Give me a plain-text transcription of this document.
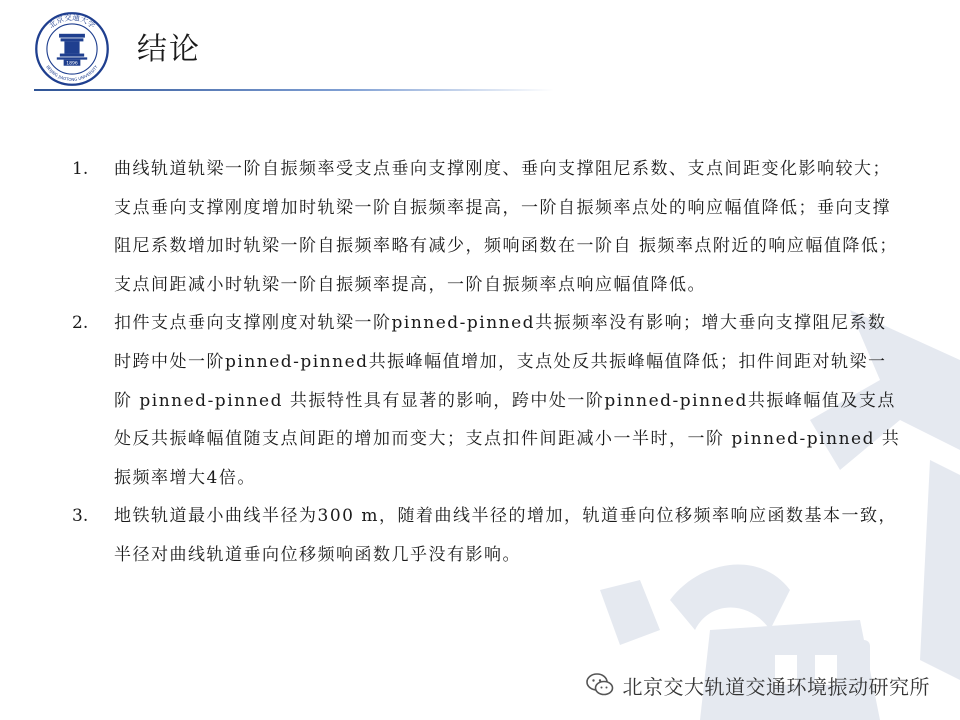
北京交通大学
BEIJING JIAOTONG UNIVERSITY
1896 结论
1.	曲线轨道轨梁一阶自振频率受支点垂向支撑刚度、垂向支撑阻尼系数、支点间距变化影响较大；支点垂向支撑刚度增加时轨梁一阶自振频率提高，一阶自振频率点处的响应幅值降低；垂向支撑阻尼系数增加时轨梁一阶自振频率略有减少，频响函数在一阶自 振频率点附近的响应幅值降低；支点间距减小时轨梁一阶自振频率提高，一阶自振频率点响应幅值降低。

2.	扣件支点垂向支撑刚度对轨梁一阶pinned-pinned共振频率没有影响；增大垂向支撑阻尼系数时跨中处一阶pinned-pinned共振峰幅值增加，支点处反共振峰幅值降低；扣件间距对轨梁一阶 pinned-pinned 共振特性具有显著的影响，跨中处一阶pinned-pinned共振峰幅值及支点处反共振峰幅值随支点间距的增加而变大；支点扣件间距减小一半时，一阶 pinned-pinned 共振频率增大4倍。

3.	地铁轨道最小曲线半径为300 m，随着曲线半径的增加，轨道垂向位移频率响应函数基本一致，半径对曲线轨道垂向位移频响函数几乎没有影响。

北京交大轨道交通环境振动研究所
